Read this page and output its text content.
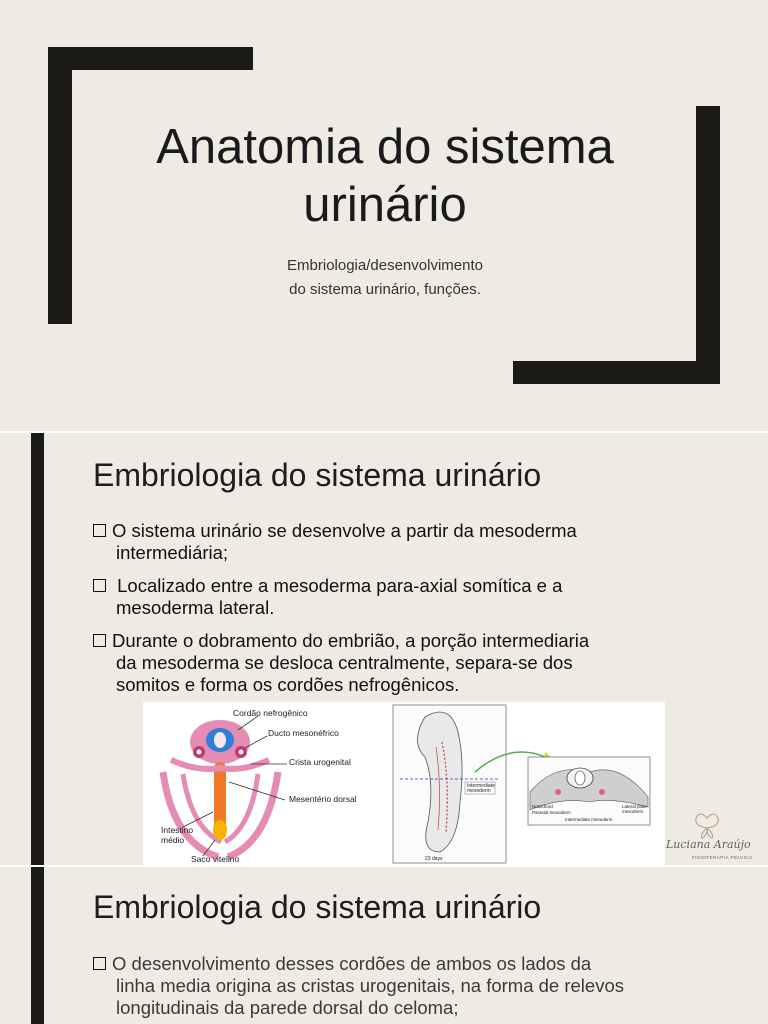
Anatomia do sistema
urinário
Embriologia/desenvolvimento
do sistema urinário, funções.
Embriologia do sistema urinário
O sistema urinário se desenvolve a partir da mesoderma
intermediária;
Localizado entre a mesoderma para-axial somítica e a
mesoderma lateral.
Durante o dobramento do embrião, a porção intermediaria
da mesoderma se desloca centralmente, separa-se dos
somitos e forma os cordões nefrogênicos.
Cordão nefrogênico
Ducto mesonéfrico
Crista urogenital
Mesentério dorsal
Intestino
médio
Saco vitelino
Intermediate
mesoderm
23 days
Notochord
Paraxial mesoderm
Lateral plate
mesoderm
Intermediate mesoderm
Luciana Araújo
FISIOTERAPIA PÉLVICA
Embriologia do sistema urinário
O desenvolvimento desses cordões de ambos os lados da
linha media origina as cristas urogenitais, na forma de relevos
longitudinais da parede dorsal do celoma;
